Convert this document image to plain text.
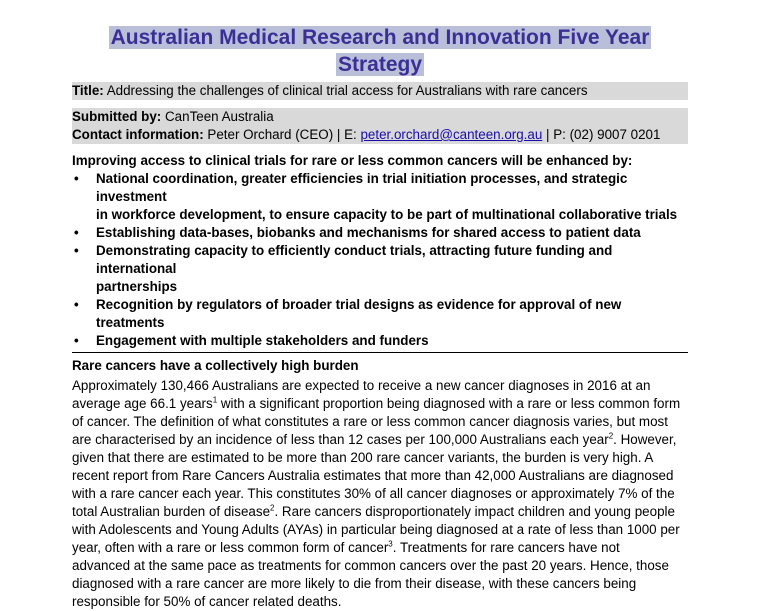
Australian Medical Research and Innovation Five Year
Strategy
Title: Addressing the challenges of clinical trial access for Australians with rare cancers
Submitted by: CanTeen Australia
Contact information: Peter Orchard (CEO) | E: peter.orchard@canteen.org.au | P: (02) 9007 0201
Improving access to clinical trials for rare or less common cancers will be enhanced by:
• National coordination, greater efficiencies in trial initiation processes, and strategic investment
in workforce development, to ensure capacity to be part of multinational collaborative trials
• Establishing data-bases, biobanks and mechanisms for shared access to patient data
• Demonstrating capacity to efficiently conduct trials, attracting future funding and international
partnerships
• Recognition by regulators of broader trial designs as evidence for approval of new treatments
• Engagement with multiple stakeholders and funders
Rare cancers have a collectively high burden

Approximately 130,466 Australians are expected to receive a new cancer diagnoses in 2016 at an

average age 66.1 years$^1$ with a significant proportion being diagnosed with a rare or less common form

of cancer. The definition of what constitutes a rare or less common cancer diagnosis varies, but most

are characterised by an incidence of less than 12 cases per 100,000 Australians each year$^2$. However,

given that there are estimated to be more than 200 rare cancer variants, the burden is very high. A

recent report from Rare Cancers Australia estimates that more than 42,000 Australians are diagnosed

with a rare cancer each year. This constitutes 30% of all cancer diagnoses or approximately 7% of the

total Australian burden of disease$^2$. Rare cancers disproportionately impact children and young people

with Adolescents and Young Adults (AYAs) in particular being diagnosed at a rate of less than 1000 per

year, often with a rare or less common form of cancer$^3$. Treatments for rare cancers have not

advanced at the same pace as treatments for common cancers over the past 20 years. Hence, those

diagnosed with a rare cancer are more likely to die from their disease, with these cancers being

responsible for 50% of cancer related deaths.
